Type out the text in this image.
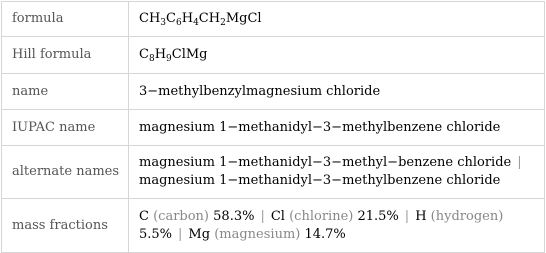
formula	$CH_3C_6H_4CH_2MgCl$
Hill formula	$C_8H_9ClMg$
name	3−methylbenzylmagnesium chloride
IUPAC name	magnesium 1−methanidyl−3−methylbenzene chloride
alternate names	magnesium 1−methanidyl−3−methyl−benzene chloride |
magnesium 1−methanidyl−3−methylbenzene chloride
mass fractions	C (carbon) 58.3% | Cl (chlorine) 21.5% | H (hydrogen)
5.5% | Mg (magnesium) 14.7%
